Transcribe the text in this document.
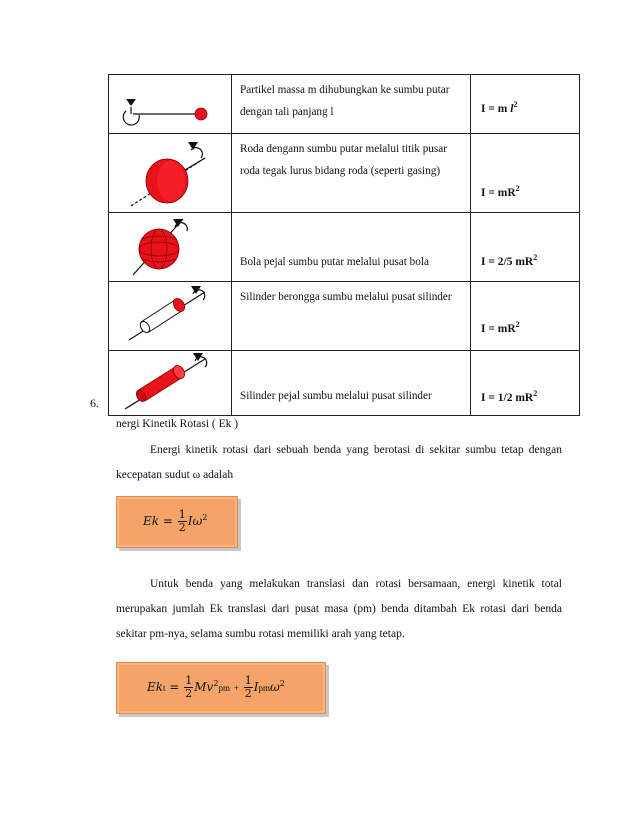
Partikel massa m dihubungkan ke sumbu putar dengan tali panjang l	I = m $l^2$

Roda dengann sumbu putar melalui titik pusar roda tegak lurus bidang roda (seperti gasing)	$I = mR^2$

Bola pejal sumbu putar melalui pusat bola	I = 2/5 $mR^2$

Silinder berongga sumbu melalui pusat silinder	$I = mR^2$

Silinder pejal sumbu melalui pusat silinder	I = 1/2 $mR^2$
6.
nergi Kinetik Rotasi ( Ek )
Energi kinetik rotasi dari sebuah benda yang berotasi di sekitar sumbu tetap dengan kecepatan sudut ω adalah
$Ek = \frac{1}{2} I\omega^2$
Untuk benda yang melakukan translasi dan rotasi bersamaan, energi kinetik total merupakan jumlah Ek translasi dari pusat masa (pm) benda ditambah Ek rotasi dari benda sekitar pm-nya, selama sumbu rotasi memiliki arah yang tetap.
Ekt = $\frac{1}{2} Mv^2pm + \frac{1}{2} Ipm\omega^2$
